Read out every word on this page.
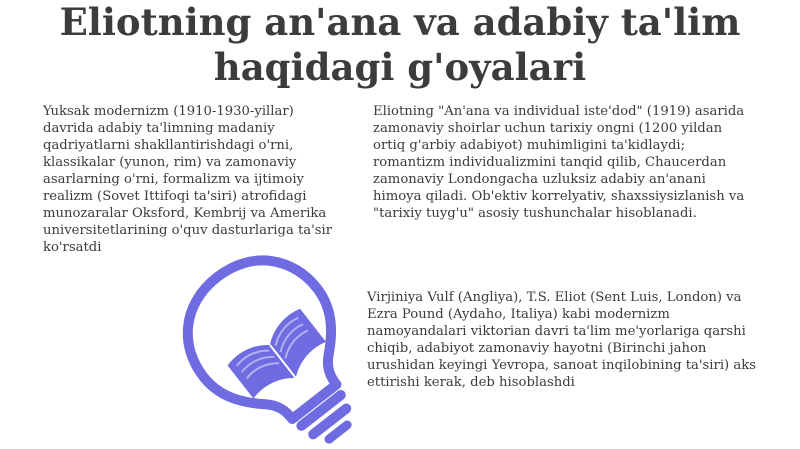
Eliotning an'ana va adabiy ta'lim
haqidagi g'oyalari

Yuksak modernizm (1910-1930-yillar) davrida adabiy ta'limning madaniy qadriyatlarni shakllantirishdagi o'rni, klassikalar (yunon, rim) va zamonaviy asarlarning o'rni, formalizm va ijtimoiy realizm (Sovet Ittifoqi ta'siri) atrofidagi munozaralar Oksford, Kembrij va Amerika universitetlarining o'quv dasturlariga ta'sir ko'rsatdi

Eliotning "An'ana va individual iste'dod" (1919) asarida zamonaviy shoirlar uchun tarixiy ongni (1200 yildan ortiq g'arbiy adabiyot) muhimligini ta'kidlaydi; romantizm individualizmini tanqid qilib, Chaucerdan zamonaviy Londongacha uzluksiz adabiy an'anani himoya qiladi. Ob'ektiv korrelyativ, shaxssiysizlanish va "tarixiy tuyg'u" asosiy tushunchalar hisoblanadi.

Virjiniya Vulf (Angliya), T.S. Eliot (Sent Luis, London) va Ezra Pound (Aydaho, Italiya) kabi modernizm namoyandalari viktorian davri ta'lim me'yorlariga qarshi chiqib, adabiyot zamonaviy hayotni (Birinchi jahon urushidan keyingi Yevropa, sanoat inqilobining ta'siri) aks ettirishi kerak, deb hisoblashdi
